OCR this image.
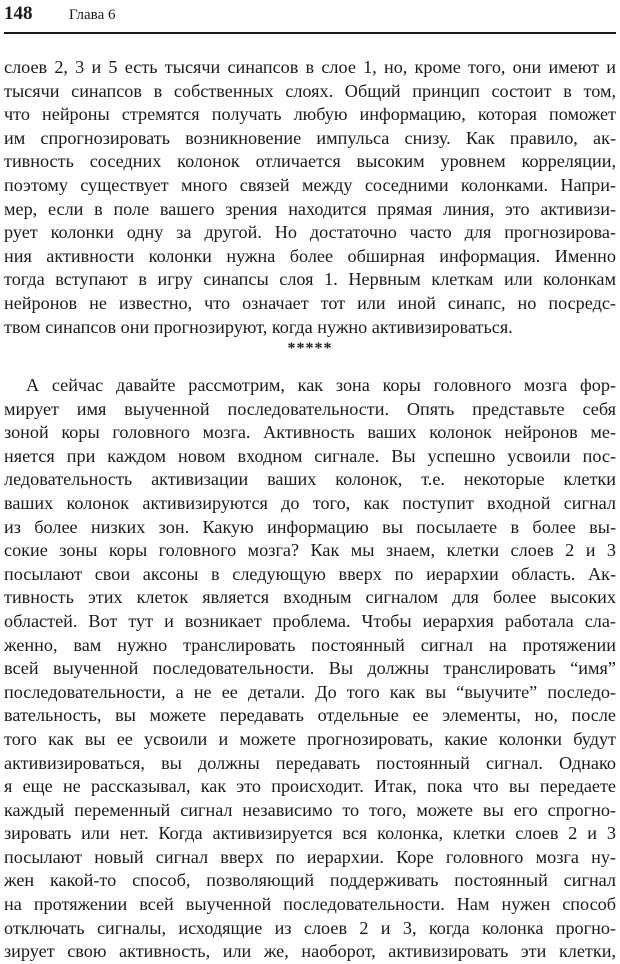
148 Глава 6
слоев 2, 3 и 5 есть тысячи синапсов в слое 1, но, кроме того, они имеют и
тысячи синапсов в собственных слоях. Общий принцип состоит в том,
что нейроны стремятся получать любую информацию, которая поможет
им спрогнозировать возникновение импульса снизу. Как правило, ак-
тивность соседних колонок отличается высоким уровнем корреляции,
поэтому существует много связей между соседними колонками. Напри-
мер, если в поле вашего зрения находится прямая линия, это активизи-
рует колонки одну за другой. Но достаточно часто для прогнозирова-
ния активности колонки нужна более обширная информация. Именно
тогда вступают в игру синапсы слоя 1. Нервным клеткам или колонкам
нейронов не известно, что означает тот или иной синапс, но посредс-
твом синапсов они прогнозируют, когда нужно активизироваться.
*****
А сейчас давайте рассмотрим, как зона коры головного мозга фор-
мирует имя выученной последовательности. Опять представьте себя
зоной коры головного мозга. Активность ваших колонок нейронов ме-
няется при каждом новом входном сигнале. Вы успешно усвоили пос-
ледовательность активизации ваших колонок, т.е. некоторые клетки
ваших колонок активизируются до того, как поступит входной сигнал
из более низких зон. Какую информацию вы посылаете в более вы-
сокие зоны коры головного мозга? Как мы знаем, клетки слоев 2 и 3
посылают свои аксоны в следующую вверх по иерархии область. Ак-
тивность этих клеток является входным сигналом для более высоких
областей. Вот тут и возникает проблема. Чтобы иерархия работала сла-
женно, вам нужно транслировать постоянный сигнал на протяжении
всей выученной последовательности. Вы должны транслировать “имя”
последовательности, а не ее детали. До того как вы “выучите” последо-
вательность, вы можете передавать отдельные ее элементы, но, после
того как вы ее усвоили и можете прогнозировать, какие колонки будут
активизироваться, вы должны передавать постоянный сигнал. Однако
я еще не рассказывал, как это происходит. Итак, пока что вы передаете
каждый переменный сигнал независимо то того, можете вы его спрогно-
зировать или нет. Когда активизируется вся колонка, клетки слоев 2 и 3
посылают новый сигнал вверх по иерархии. Коре головного мозга ну-
жен какой-то способ, позволяющий поддерживать постоянный сигнал
на протяжении всей выученной последовательности. Нам нужен способ
отключать сигналы, исходящие из слоев 2 и 3, когда колонка прогно-
зирует свою активность, или же, наоборот, активизировать эти клетки,
